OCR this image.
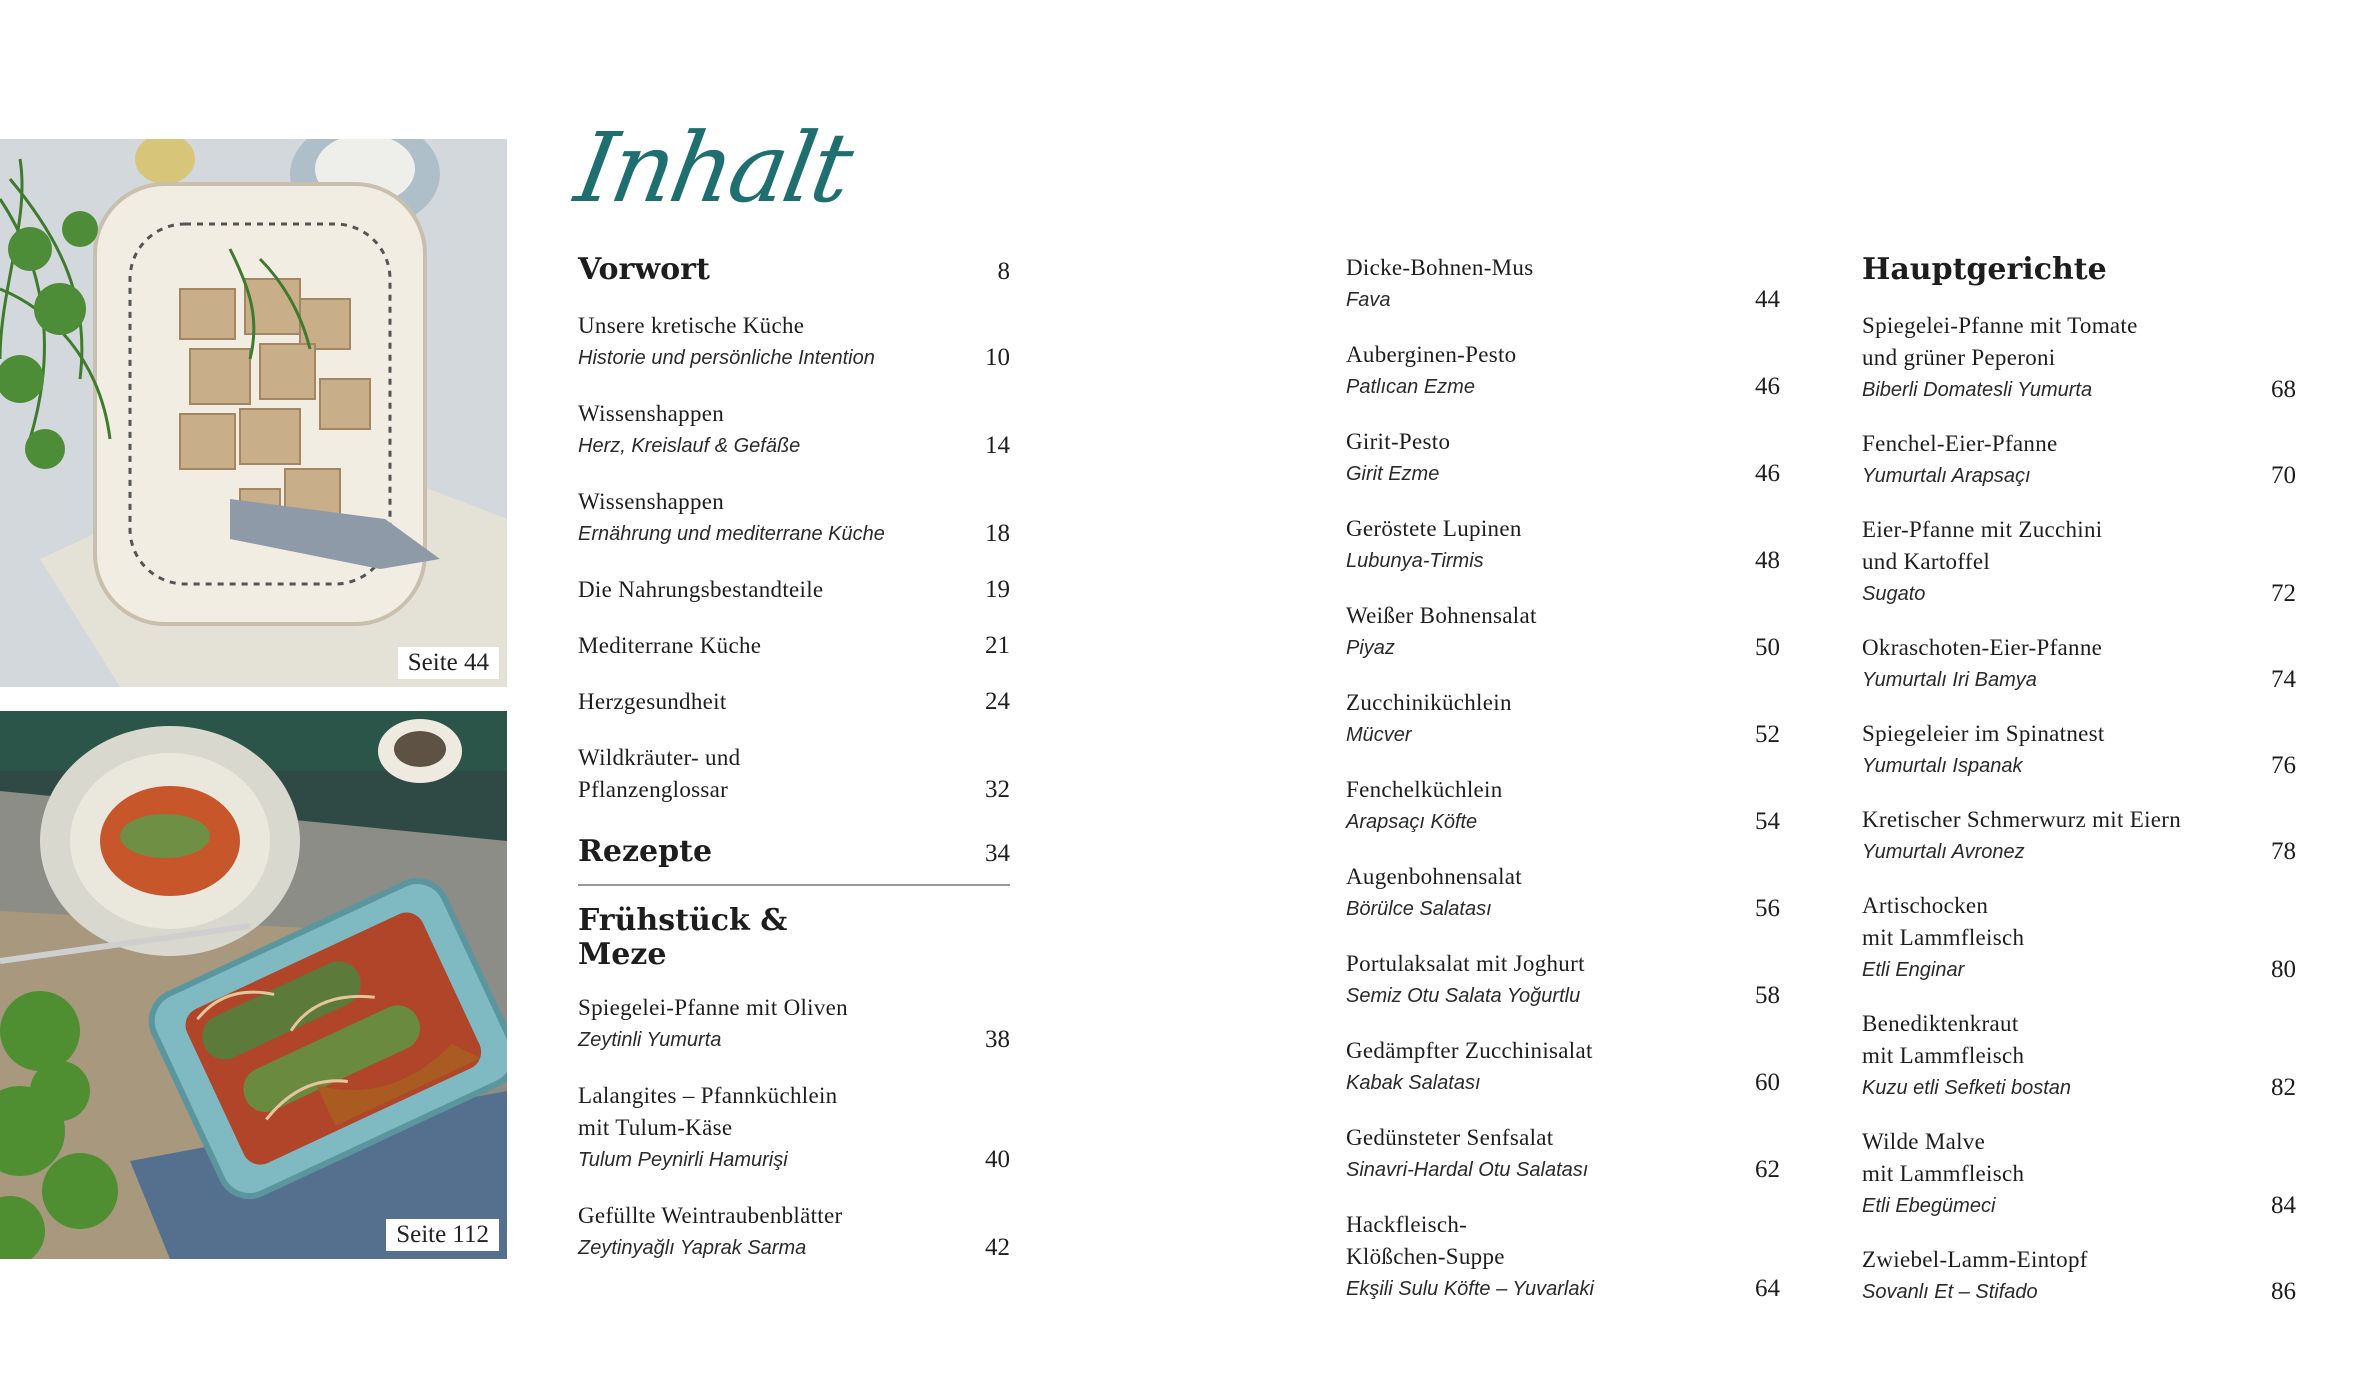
Seite 44
Seite 112
Inhalt
Vorwort	8
Unsere kretische Küche
Historie und persönliche Intention	10
Wissenshappen
Herz, Kreislauf & Gefäße	14
Wissenshappen
Ernährung und mediterrane Küche	18
Die Nahrungsbestandteile	19
Mediterrane Küche	21
Herzgesundheit	24
Wildkräuter- und
Pflanzenglossar	32
Rezepte	34
Frühstück & Meze
Spiegelei-Pfanne mit Oliven
Zeytinli Yumurta	38
Lalangites – Pfannküchlein
mit Tulum-Käse
Tulum Peynirli Hamurişi	40
Gefüllte Weintraubenblätter
Zeytinyağlı Yaprak Sarma	42
Dicke-Bohnen-Mus
Fava	44
Auberginen-Pesto
Patlıcan Ezme	46
Girit-Pesto
Girit Ezme	46
Geröstete Lupinen
Lubunya-Tirmis	48
Weißer Bohnensalat
Piyaz	50
Zucchiniküchlein
Mücver	52
Fenchelküchlein
Arapsaçı Köfte	54
Augenbohnensalat
Börülce Salatası	56
Portulaksalat mit Joghurt
Semiz Otu Salata Yoğurtlu	58
Gedämpfter Zucchinisalat
Kabak Salatası	60
Gedünsteter Senfsalat
Sinavri-Hardal Otu Salatası	62
Hackfleisch-
Klößchen-Suppe
Ekşili Sulu Köfte – Yuvarlaki	64
Hauptgerichte
Spiegelei-Pfanne mit Tomate
und grüner Peperoni
Biberli Domatesli Yumurta	68
Fenchel-Eier-Pfanne
Yumurtalı Arapsaçı	70
Eier-Pfanne mit Zucchini
und Kartoffel
Sugato	72
Okraschoten-Eier-Pfanne
Yumurtalı Iri Bamya	74
Spiegeleier im Spinatnest
Yumurtalı Ispanak	76
Kretischer Schmerwurz mit Eiern
Yumurtalı Avronez	78
Artischocken
mit Lammfleisch
Etli Enginar	80
Benediktenkraut
mit Lammfleisch
Kuzu etli Sefketi bostan	82
Wilde Malve
mit Lammfleisch
Etli Ebegümeci	84
Zwiebel-Lamm-Eintopf
Sovanlı Et – Stifado	86
